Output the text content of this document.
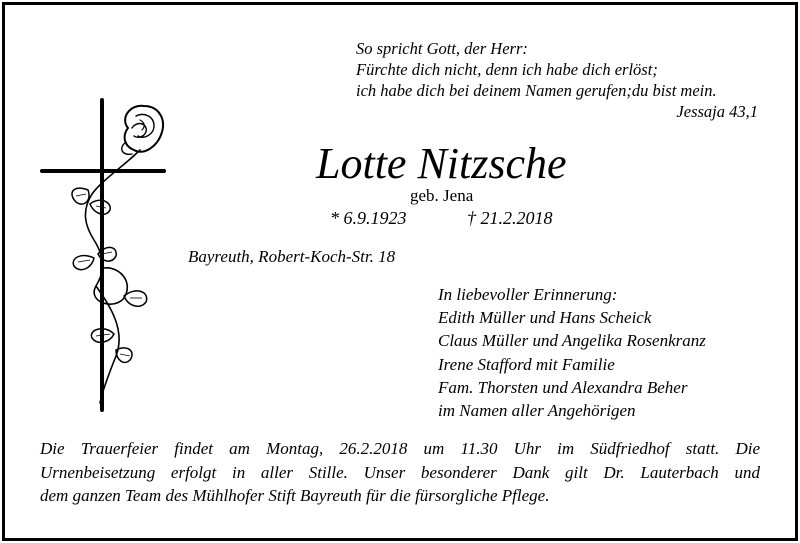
So spricht Gott, der Herr:
Fürchte dich nicht, denn ich habe dich erlöst;
ich habe dich bei deinem Namen gerufen;du bist mein.
Jessaja 43,1
Lotte Nitzsche
geb. Jena
* 6.9.1923	† 21.2.2018
Bayreuth, Robert-Koch-Str. 18
In liebevoller Erinnerung:
Edith Müller und Hans Scheick
Claus Müller und Angelika Rosenkranz
Irene Stafford mit Familie
Fam. Thorsten und Alexandra Beher
im Namen aller Angehörigen
Die Trauerfeier findet am Montag, 26.2.2018 um 11.30 Uhr im Südfriedhof statt. Die
Urnenbeisetzung erfolgt in aller Stille. Unser besonderer Dank gilt Dr. Lauterbach und
dem ganzen Team des Mühlhofer Stift Bayreuth für die fürsorgliche Pflege.
